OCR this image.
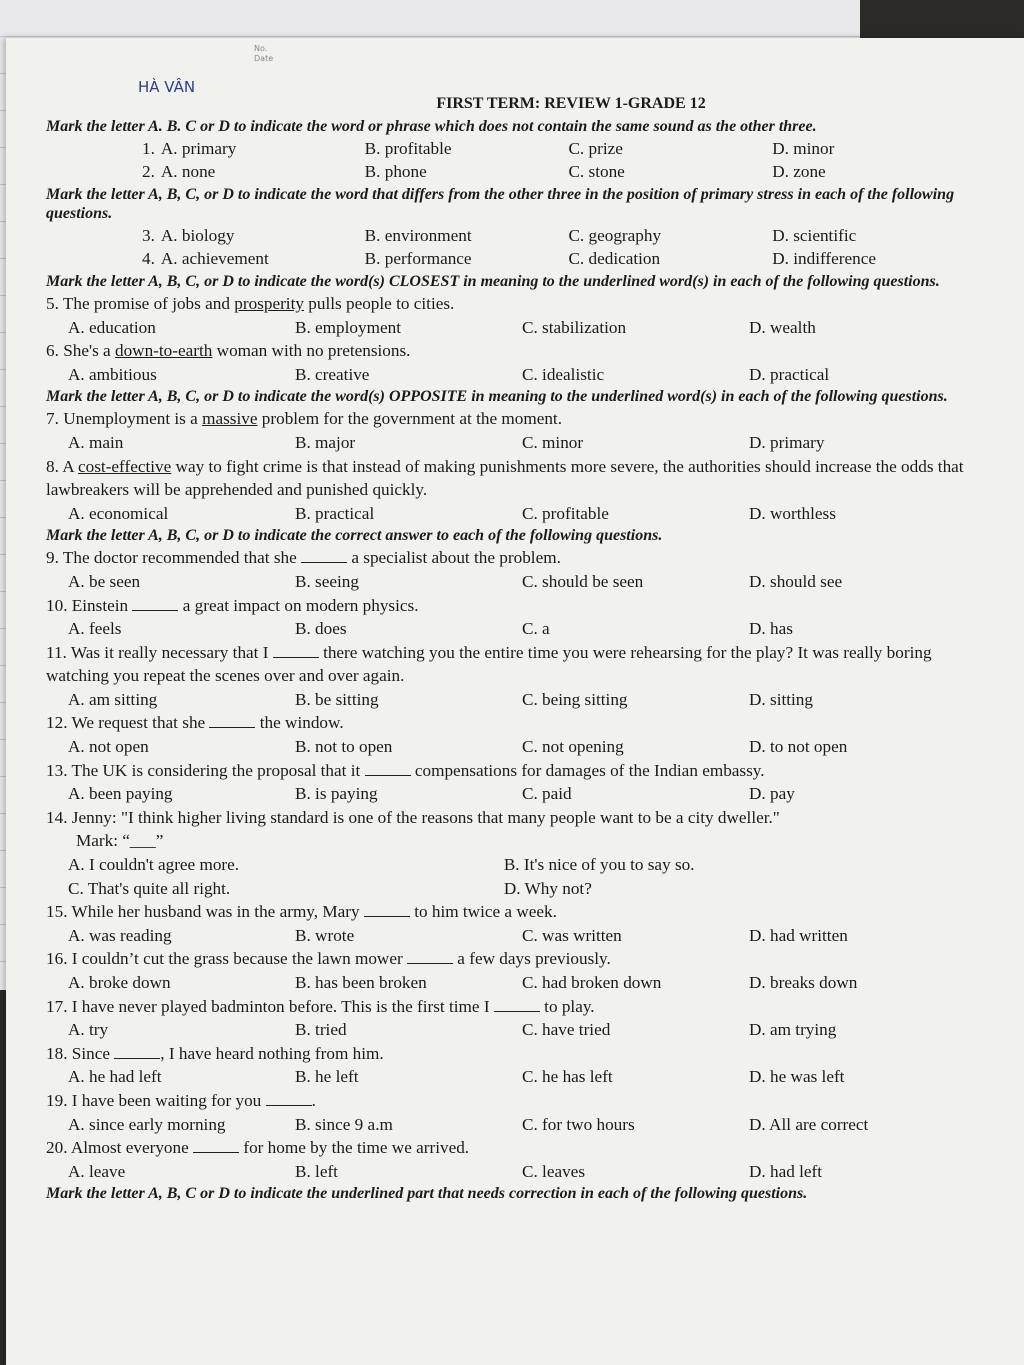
No.
Date
HÀ VÂN
FIRST TERM: REVIEW 1-GRADE 12
Mark the letter A. B. C or D to indicate the word or phrase which does not contain the same sound as the other three.
1. A. primary	B. profitable	C. prize	D. minor
2. A. none	B. phone	C. stone	D. zone
Mark the letter A, B, C, or D to indicate the word that differs from the other three in the position of primary stress in each of the following questions.
3. A. biology	B. environment	C. geography	D. scientific
4. A. achievement	B. performance	C. dedication	D. indifference
Mark the letter A, B, C, or D to indicate the word(s) CLOSEST in meaning to the underlined word(s) in each of the following questions.
5. The promise of jobs and prosperity pulls people to cities.
A. education	B. employment	C. stabilization	D. wealth
6. She's a down-to-earth woman with no pretensions.
A. ambitious	B. creative	C. idealistic	D. practical
Mark the letter A, B, C, or D to indicate the word(s) OPPOSITE in meaning to the underlined word(s) in each of the following questions.
7. Unemployment is a massive problem for the government at the moment.
A. main	B. major	C. minor	D. primary
8. A cost-effective way to fight crime is that instead of making punishments more severe, the authorities should increase the odds that lawbreakers will be apprehended and punished quickly.
A. economical	B. practical	C. profitable	D. worthless
Mark the letter A, B, C, or D to indicate the correct answer to each of the following questions.
9. The doctor recommended that she	a specialist about the problem.
A. be seen	B. seeing	C. should be seen	D. should see
10. Einstein	a great impact on modern physics.
A. feels	B. does	C. a	D. has
11. Was it really necessary that I	there watching you the entire time you were rehearsing for the play? It was really boring watching you repeat the scenes over and over again.
A. am sitting	B. be sitting	C. being sitting	D. sitting
12. We request that she	the window.
A. not open	B. not to open	C. not opening	D. to not open
13. The UK is considering the proposal that it	compensations for damages of the Indian embassy.
A. been paying	B. is paying	C. paid	D. pay
14. Jenny: "I think higher living standard is one of the reasons that many people want to be a city dweller."
Mark: “___”
A. I couldn't agree more.	B. It's nice of you to say so.
C. That's quite all right.	D. Why not?
15. While her husband was in the army, Mary	to him twice a week.
A. was reading	B. wrote	C. was written	D. had written
16. I couldn’t cut the grass because the lawn mower	a few days previously.
A. broke down	B. has been broken	C. had broken down	D. breaks down
17. I have never played badminton before. This is the first time I	to play.
A. try	B. tried	C. have tried	D. am trying
18. Since	, I have heard nothing from him.
A. he had left	B. he left	C. he has left	D. he was left
19. I have been waiting for you	.
A. since early morning	B. since 9 a.m	C. for two hours	D. All are correct
20. Almost everyone	for home by the time we arrived.
A. leave	B. left	C. leaves	D. had left
Mark the letter A, B, C or D to indicate the underlined part that needs correction in each of the following questions.
